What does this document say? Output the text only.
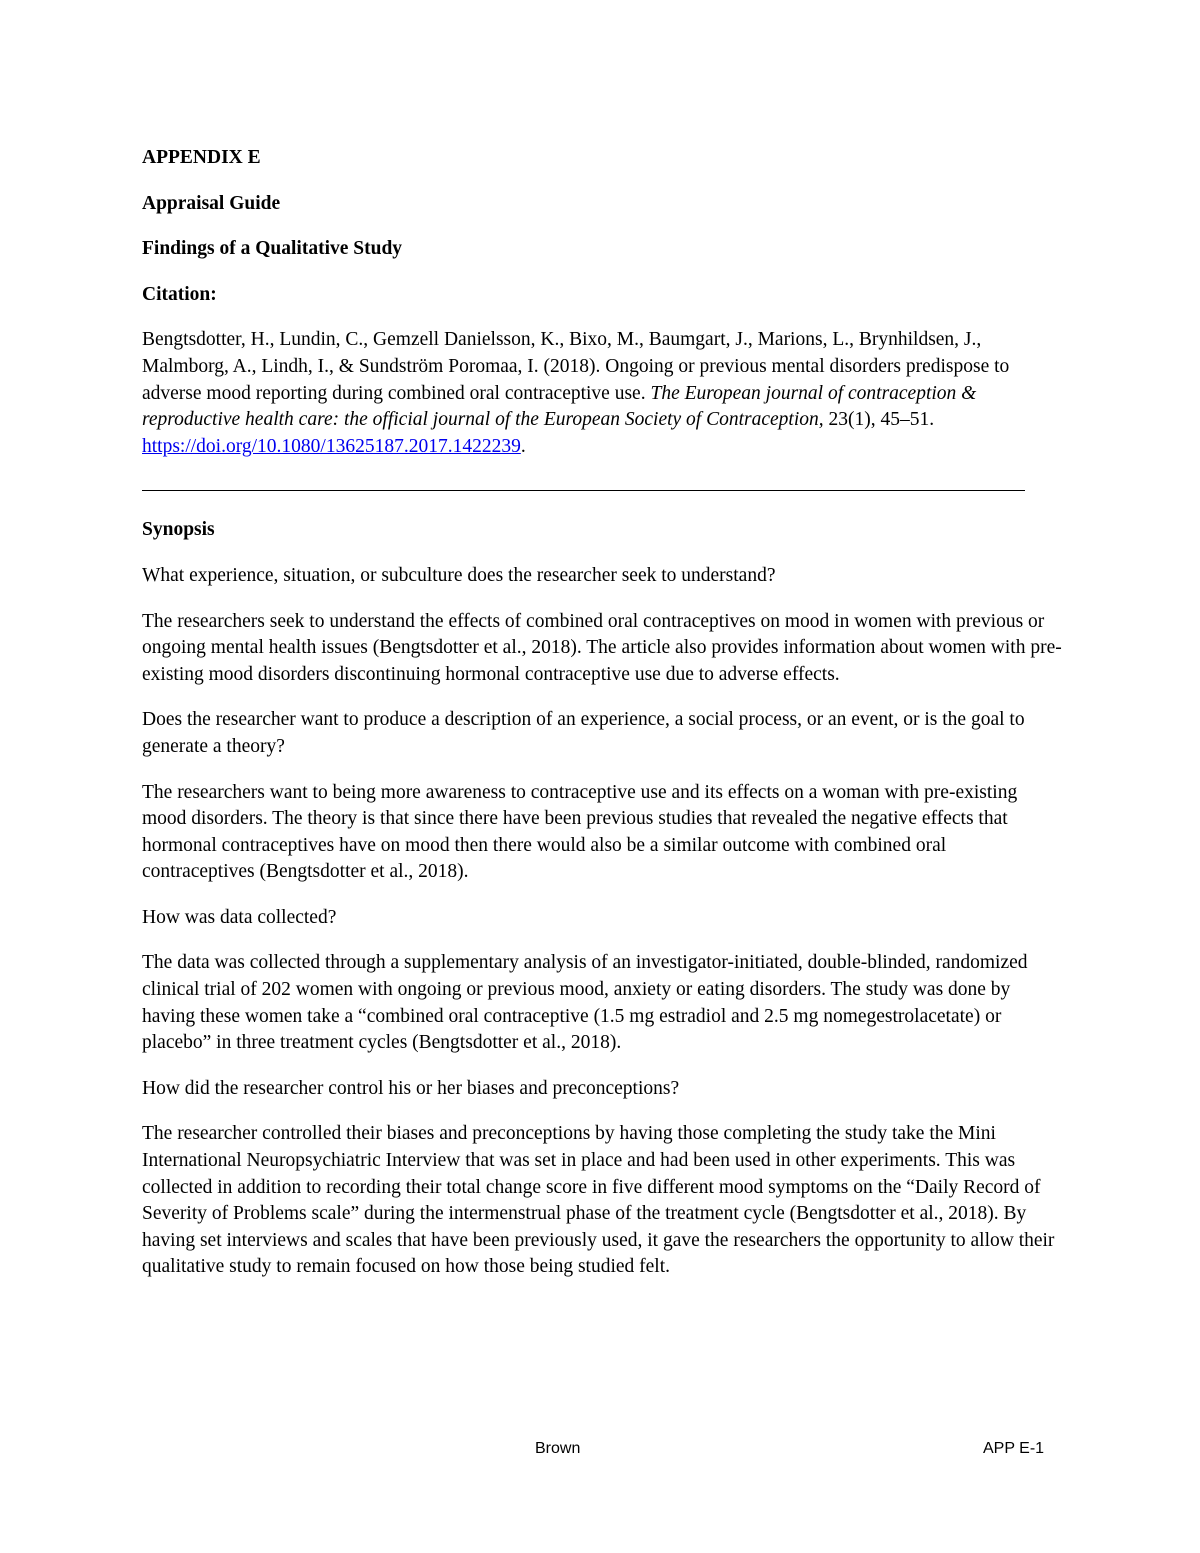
APPENDIX E
Appraisal Guide
Findings of a Qualitative Study
Citation:
Bengtsdotter, H., Lundin, C., Gemzell Danielsson, K., Bixo, M., Baumgart, J., Marions, L., Brynhildsen, J., Malmborg, A., Lindh, I., & Sundström Poromaa, I. (2018). Ongoing or previous mental disorders predispose to adverse mood reporting during combined oral contraceptive use. The European journal of contraception & reproductive health care: the official journal of the European Society of Contraception, 23(1), 45–51. https://doi.org/10.1080/13625187.2017.1422239.
Synopsis
What experience, situation, or subculture does the researcher seek to understand?
The researchers seek to understand the effects of combined oral contraceptives on mood in women with previous or ongoing mental health issues (Bengtsdotter et al., 2018). The article also provides information about women with pre-existing mood disorders discontinuing hormonal contraceptive use due to adverse effects.
Does the researcher want to produce a description of an experience, a social process, or an event, or is the goal to generate a theory?
The researchers want to being more awareness to contraceptive use and its effects on a woman with pre-existing mood disorders. The theory is that since there have been previous studies that revealed the negative effects that hormonal contraceptives have on mood then there would also be a similar outcome with combined oral contraceptives (Bengtsdotter et al., 2018).
How was data collected?
The data was collected through a supplementary analysis of an investigator-initiated, double-blinded, randomized clinical trial of 202 women with ongoing or previous mood, anxiety or eating disorders. The study was done by having these women take a “combined oral contraceptive (1.5 mg estradiol and 2.5 mg nomegestrolacetate) or placebo” in three treatment cycles (Bengtsdotter et al., 2018).
How did the researcher control his or her biases and preconceptions?
The researcher controlled their biases and preconceptions by having those completing the study take the Mini International Neuropsychiatric Interview that was set in place and had been used in other experiments. This was collected in addition to recording their total change score in five different mood symptoms on the “Daily Record of Severity of Problems scale” during the intermenstrual phase of the treatment cycle (Bengtsdotter et al., 2018). By having set interviews and scales that have been previously used, it gave the researchers the opportunity to allow their qualitative study to remain focused on how those being studied felt.
Brown	APP E-1
